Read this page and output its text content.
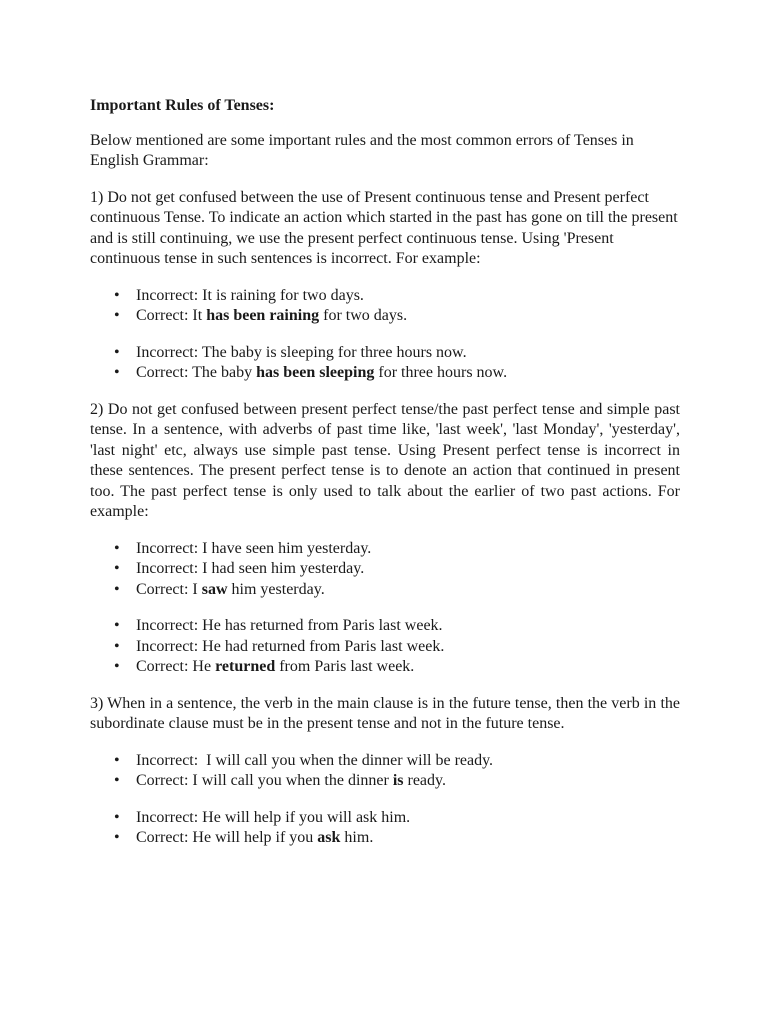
Important Rules of Tenses:

Below mentioned are some important rules and the most common errors of Tenses in English Grammar:

1) Do not get confused between the use of Present continuous tense and Present perfect continuous Tense. To indicate an action which started in the past has gone on till the present and is still continuing, we use the present perfect continuous tense. Using 'Present continuous tense in such sentences is incorrect. For example:

• Incorrect: It is raining for two days.
• Correct: It has been raining for two days.
• Incorrect: The baby is sleeping for three hours now.
• Correct: The baby has been sleeping for three hours now.

2) Do not get confused between present perfect tense/the past perfect tense and simple past tense. In a sentence, with adverbs of past time like, 'last week', 'last Monday', 'yesterday', 'last night' etc, always use simple past tense. Using Present perfect tense is incorrect in these sentences. The present perfect tense is to denote an action that continued in present too. The past perfect tense is only used to talk about the earlier of two past actions. For example:

• Incorrect: I have seen him yesterday.
• Incorrect: I had seen him yesterday.
• Correct: I saw him yesterday.
• Incorrect: He has returned from Paris last week.
• Incorrect: He had returned from Paris last week.
• Correct: He returned from Paris last week.

3) When in a sentence, the verb in the main clause is in the future tense, then the verb in the subordinate clause must be in the present tense and not in the future tense.

• Incorrect:  I will call you when the dinner will be ready.
• Correct: I will call you when the dinner is ready.
• Incorrect: He will help if you will ask him.
• Correct: He will help if you ask him.
